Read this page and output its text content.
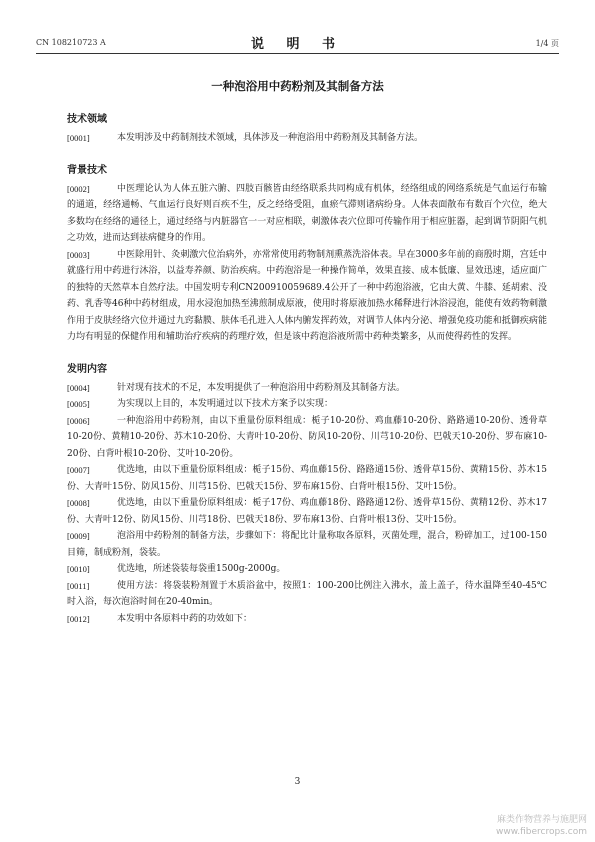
CN 108210723 A	说 明 书	1/4 页
一种泡浴用中药粉剂及其制备方法
技术领域
[0001]	本发明涉及中药制剂技术领域，具体涉及一种泡浴用中药粉剂及其制备方法。
背景技术
[0002]	中医理论认为人体五脏六腑、四肢百骸皆由经络联系共同构成有机体，经络组成的网络系统是气血运行布输的通道，经络通畅、气血运行良好则百疾不生，反之经络受阻，血瘀气滞则诸病纷身。人体表面散布有数百个穴位，绝大多数均在经络的通径上，通过经络与内脏器官一一对应相联，刺激体表穴位即可传输作用于相应脏器，起到调节阴阳气机之功效，进而达到祛病健身的作用。
[0003]	中医除用针、灸刺激穴位治病外，亦常常使用药物制剂熏蒸洗浴体表。早在3000多年前的商殷时期，宫廷中就盛行用中药进行沐浴，以益寿养颜、防治疾病。中药泡浴是一种操作简单，效果直接、成本低廉、显效迅速，适应面广的独特的天然草本自然疗法。中国发明专利CN200910059689.4公开了一种中药泡浴液，它由大黄、牛膝、延胡索、没药、乳香等46种中药材组成，用水浸泡加热至沸煎制成原液，使用时将原液加热水稀释进行沐浴浸泡，能使有效药物刺激作用于皮肤经络穴位并通过九窍黏膜、肤体毛孔进入人体内腑发挥药效，对调节人体内分泌、增强免疫功能和抵御疾病能力均有明显的保健作用和辅助治疗疾病的药理疗效，但是该中药泡浴液所需中药种类繁多，从而使得药性的发挥。
发明内容
[0004]	针对现有技术的不足，本发明提供了一种泡浴用中药粉剂及其制备方法。
[0005]	为实现以上目的，本发明通过以下技术方案予以实现：
[0006]	一种泡浴用中药粉剂，由以下重量份原料组成：栀子10-20份、鸡血藤10-20份、路路通10-20份、透骨草10-20份、黄精10-20份、苏木10-20份、大青叶10-20份、防风10-20份、川芎10-20份、巴戟天10-20份、罗布麻10-20份、白背叶根10-20份、艾叶10-20份。
[0007]	优选地，由以下重量份原料组成：栀子15份、鸡血藤15份、路路通15份、透骨草15份、黄精15份、苏木15份、大青叶15份、防风15份、川芎15份、巴戟天15份、罗布麻15份、白背叶根15份、艾叶15份。
[0008]	优选地，由以下重量份原料组成：栀子17份、鸡血藤18份、路路通12份、透骨草15份、黄精12份、苏木17份、大青叶12份、防风15份、川芎18份、巴戟天18份、罗布麻13份、白背叶根13份、艾叶15份。
[0009]	泡浴用中药粉剂的制备方法，步骤如下：将配比计量称取各原料，灭菌处理，混合，粉碎加工，过100-150目筛，制成粉剂，袋装。
[0010]	优选地，所述袋装每袋重1500g-2000g。
[0011]	使用方法：将袋装粉剂置于木质浴盆中，按照1：100-200比例注入沸水，盖上盖子，待水温降至40-45℃时入浴，每次泡浴时间在20-40min。
[0012]	本发明中各原料中药的功效如下：
3
麻类作物营养与施肥网
www.fibercrops.com
